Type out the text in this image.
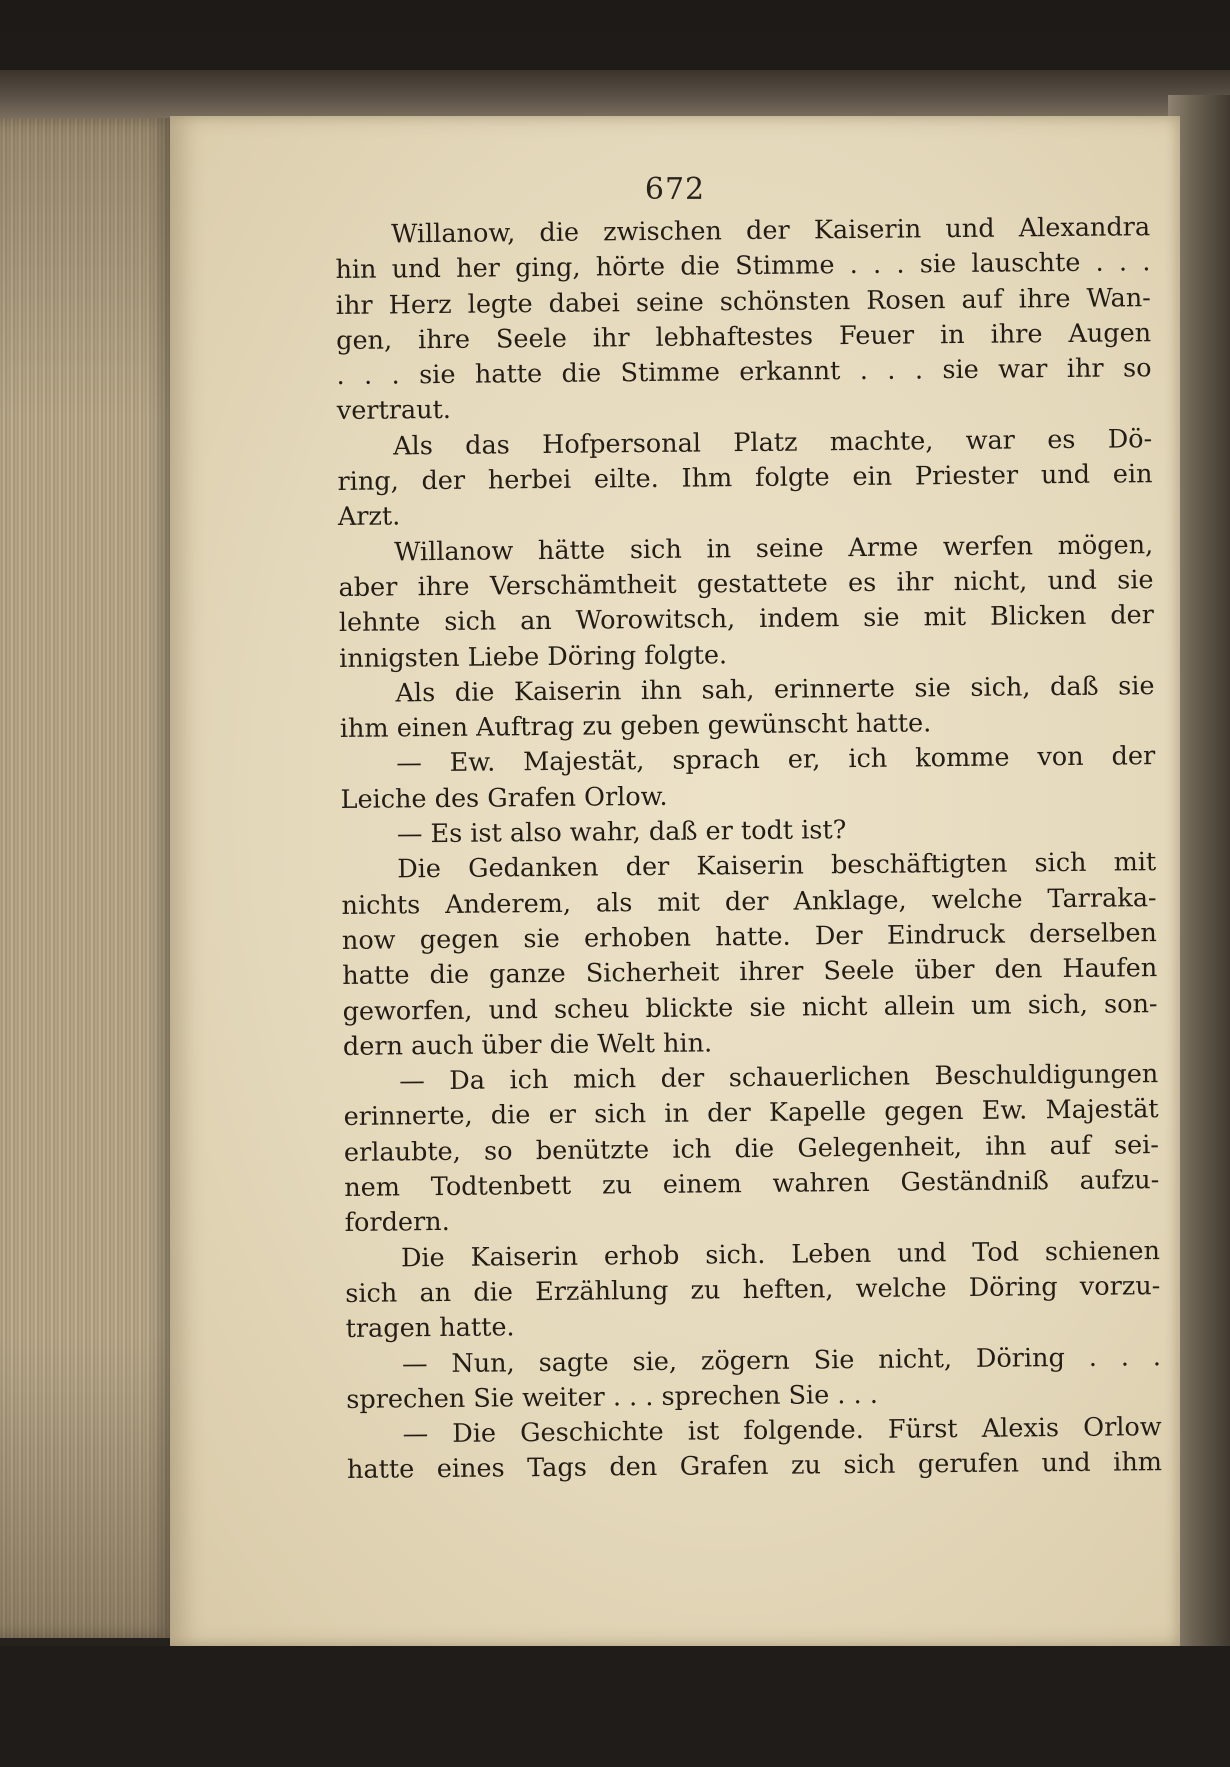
672
Willanow, die zwischen der Kaiserin und Alexandra
hin und her ging, hörte die Stimme . . . sie lauschte . . .
ihr Herz legte dabei seine schönsten Rosen auf ihre Wan-
gen, ihre Seele ihr lebhaftestes Feuer in ihre Augen
. . . sie hatte die Stimme erkannt . . . sie war ihr so
vertraut.
Als das Hofpersonal Platz machte, war es Dö-
ring, der herbei eilte. Ihm folgte ein Priester und ein
Arzt.
Willanow hätte sich in seine Arme werfen mögen,
aber ihre Verschämtheit gestattete es ihr nicht, und sie
lehnte sich an Worowitsch, indem sie mit Blicken der
innigsten Liebe Döring folgte.
Als die Kaiserin ihn sah, erinnerte sie sich, daß sie
ihm einen Auftrag zu geben gewünscht hatte.
— Ew. Majestät, sprach er, ich komme von der
Leiche des Grafen Orlow.
— Es ist also wahr, daß er todt ist?
Die Gedanken der Kaiserin beschäftigten sich mit
nichts Anderem, als mit der Anklage, welche Tarraka-
now gegen sie erhoben hatte. Der Eindruck derselben
hatte die ganze Sicherheit ihrer Seele über den Haufen
geworfen, und scheu blickte sie nicht allein um sich, son-
dern auch über die Welt hin.
— Da ich mich der schauerlichen Beschuldigungen
erinnerte, die er sich in der Kapelle gegen Ew. Majestät
erlaubte, so benützte ich die Gelegenheit, ihn auf sei-
nem Todtenbett zu einem wahren Geständniß aufzu-
fordern.
Die Kaiserin erhob sich. Leben und Tod schienen
sich an die Erzählung zu heften, welche Döring vorzu-
tragen hatte.
— Nun, sagte sie, zögern Sie nicht, Döring . . .
sprechen Sie weiter . . . sprechen Sie . . .
— Die Geschichte ist folgende. Fürst Alexis Orlow
hatte eines Tags den Grafen zu sich gerufen und ihm
